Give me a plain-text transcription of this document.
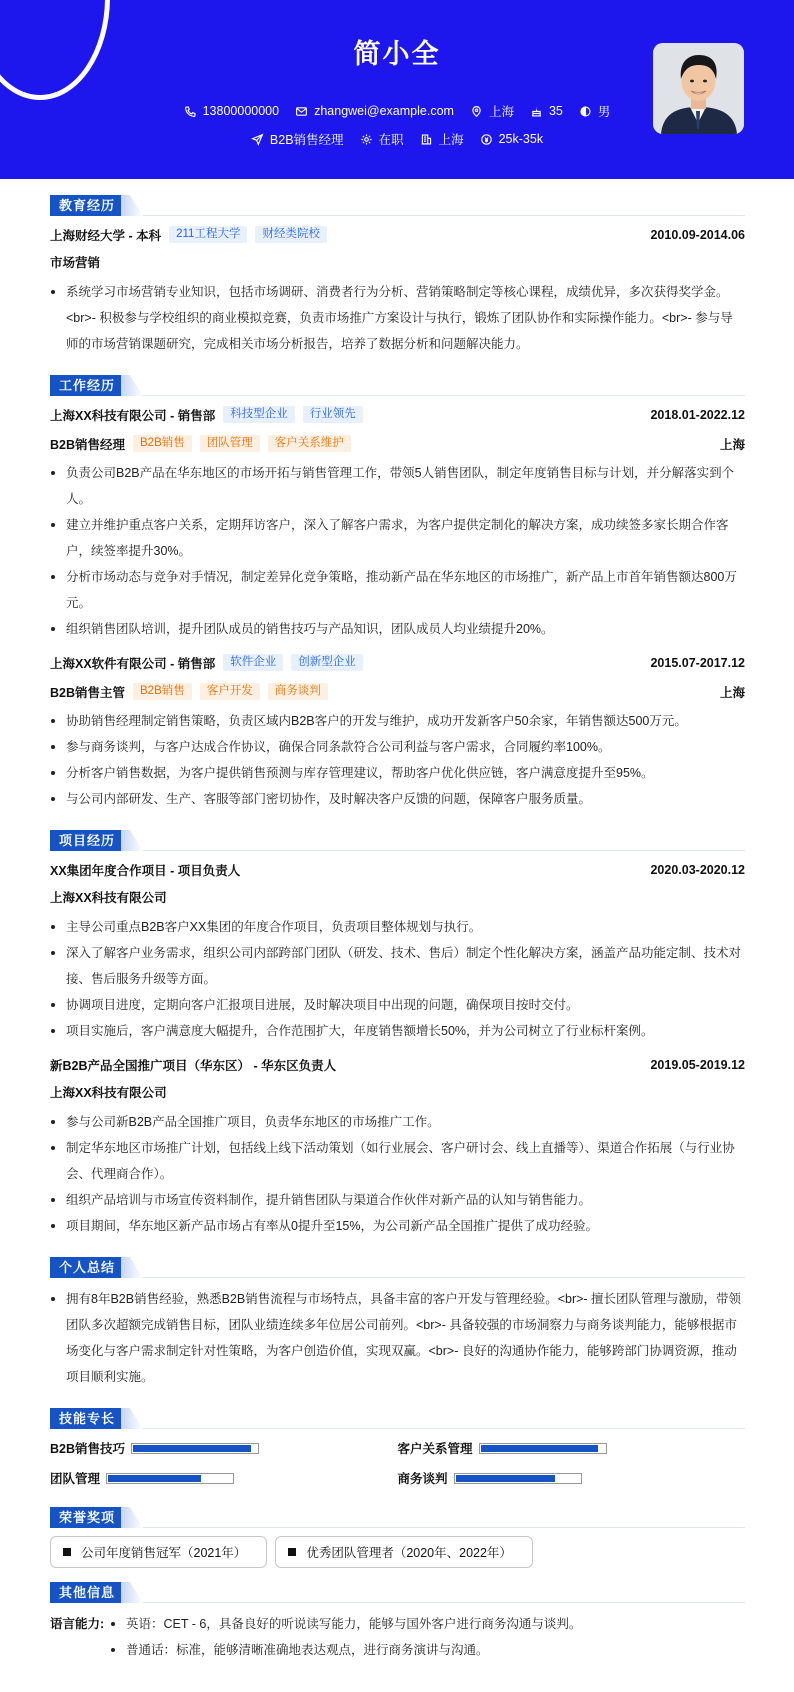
简小全
13800000000	zhangwei@example.com	上海	35	男
B2B销售经理	在职	上海	25k-35k
教育经历
上海财经大学 - 本科	211工程大学	财经类院校	2010.09-2014.06
市场营销
系统学习市场营销专业知识，包括市场调研、消费者行为分析、营销策略制定等核心课程，成绩优异，多次获得奖学金。<br>- 积极参与学校组织的商业模拟竞赛，负责市场推广方案设计与执行，锻炼了团队协作和实际操作能力。<br>- 参与导师的市场营销课题研究，完成相关市场分析报告，培养了数据分析和问题解决能力。
工作经历
上海XX科技有限公司 - 销售部	科技型企业	行业领先	2018.01-2022.12
B2B销售经理	B2B销售	团队管理	客户关系维护	上海
负责公司B2B产品在华东地区的市场开拓与销售管理工作，带领5人销售团队，制定年度销售目标与计划，并分解落实到个人。
建立并维护重点客户关系，定期拜访客户，深入了解客户需求，为客户提供定制化的解决方案，成功续签多家长期合作客户，续签率提升30%。
分析市场动态与竞争对手情况，制定差异化竞争策略，推动新产品在华东地区的市场推广，新产品上市首年销售额达800万元。
组织销售团队培训，提升团队成员的销售技巧与产品知识，团队成员人均业绩提升20%。
上海XX软件有限公司 - 销售部	软件企业	创新型企业	2015.07-2017.12
B2B销售主管	B2B销售	客户开发	商务谈判	上海
协助销售经理制定销售策略，负责区域内B2B客户的开发与维护，成功开发新客户50余家，年销售额达500万元。
参与商务谈判，与客户达成合作协议，确保合同条款符合公司利益与客户需求，合同履约率100%。
分析客户销售数据，为客户提供销售预测与库存管理建议，帮助客户优化供应链，客户满意度提升至95%。
与公司内部研发、生产、客服等部门密切协作，及时解决客户反馈的问题，保障客户服务质量。
项目经历
XX集团年度合作项目 - 项目负责人	2020.03-2020.12
上海XX科技有限公司
主导公司重点B2B客户XX集团的年度合作项目，负责项目整体规划与执行。
深入了解客户业务需求，组织公司内部跨部门团队（研发、技术、售后）制定个性化解决方案，涵盖产品功能定制、技术对接、售后服务升级等方面。
协调项目进度，定期向客户汇报项目进展，及时解决项目中出现的问题，确保项目按时交付。
项目实施后，客户满意度大幅提升，合作范围扩大，年度销售额增长50%，并为公司树立了行业标杆案例。
新B2B产品全国推广项目（华东区） - 华东区负责人	2019.05-2019.12
上海XX科技有限公司
参与公司新B2B产品全国推广项目，负责华东地区的市场推广工作。
制定华东地区市场推广计划，包括线上线下活动策划（如行业展会、客户研讨会、线上直播等）、渠道合作拓展（与行业协会、代理商合作）。
组织产品培训与市场宣传资料制作，提升销售团队与渠道合作伙伴对新产品的认知与销售能力。
项目期间，华东地区新产品市场占有率从0提升至15%，为公司新产品全国推广提供了成功经验。
个人总结
拥有8年B2B销售经验，熟悉B2B销售流程与市场特点，具备丰富的客户开发与管理经验。<br>- 擅长团队管理与激励，带领团队多次超额完成销售目标，团队业绩连续多年位居公司前列。<br>- 具备较强的市场洞察力与商务谈判能力，能够根据市场变化与客户需求制定针对性策略，为客户创造价值，实现双赢。<br>- 良好的沟通协作能力，能够跨部门协调资源，推动项目顺利实施。
技能专长
B2B销售技巧	客户关系管理
团队管理	商务谈判
荣誉奖项
公司年度销售冠军（2021年）	优秀团队管理者（2020年、2022年）
其他信息
语言能力:	英语：CET - 6，具备良好的听说读写能力，能够与国外客户进行商务沟通与谈判。
普通话：标准，能够清晰准确地表达观点，进行商务演讲与沟通。
